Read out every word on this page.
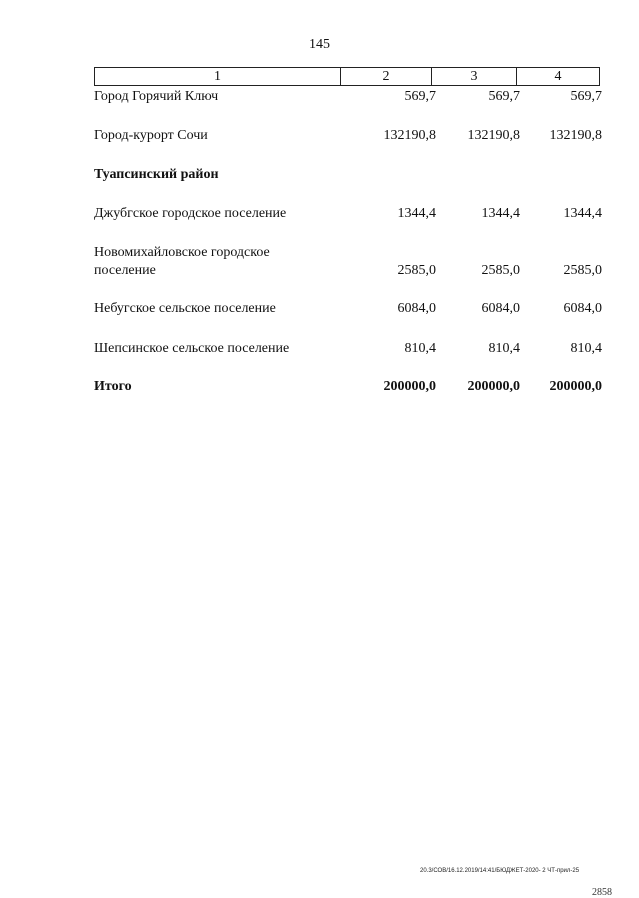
145
1	2	3	4
Город Горячий Ключ	569,7	569,7	569,7
Город-курорт Сочи	132190,8	132190,8	132190,8
Туапсинский район
Джубгское городское поселение	1344,4	1344,4	1344,4
Новомихайловское городское поселение	2585,0	2585,0	2585,0
Небугское сельское поселение	6084,0	6084,0	6084,0
Шепсинское сельское поселение	810,4	810,4	810,4
Итого	200000,0	200000,0	200000,0
20.3/СОВ/16.12.2019/14:41/БЮДЖЕТ-2020- 2 ЧТ-прил-25
2858
